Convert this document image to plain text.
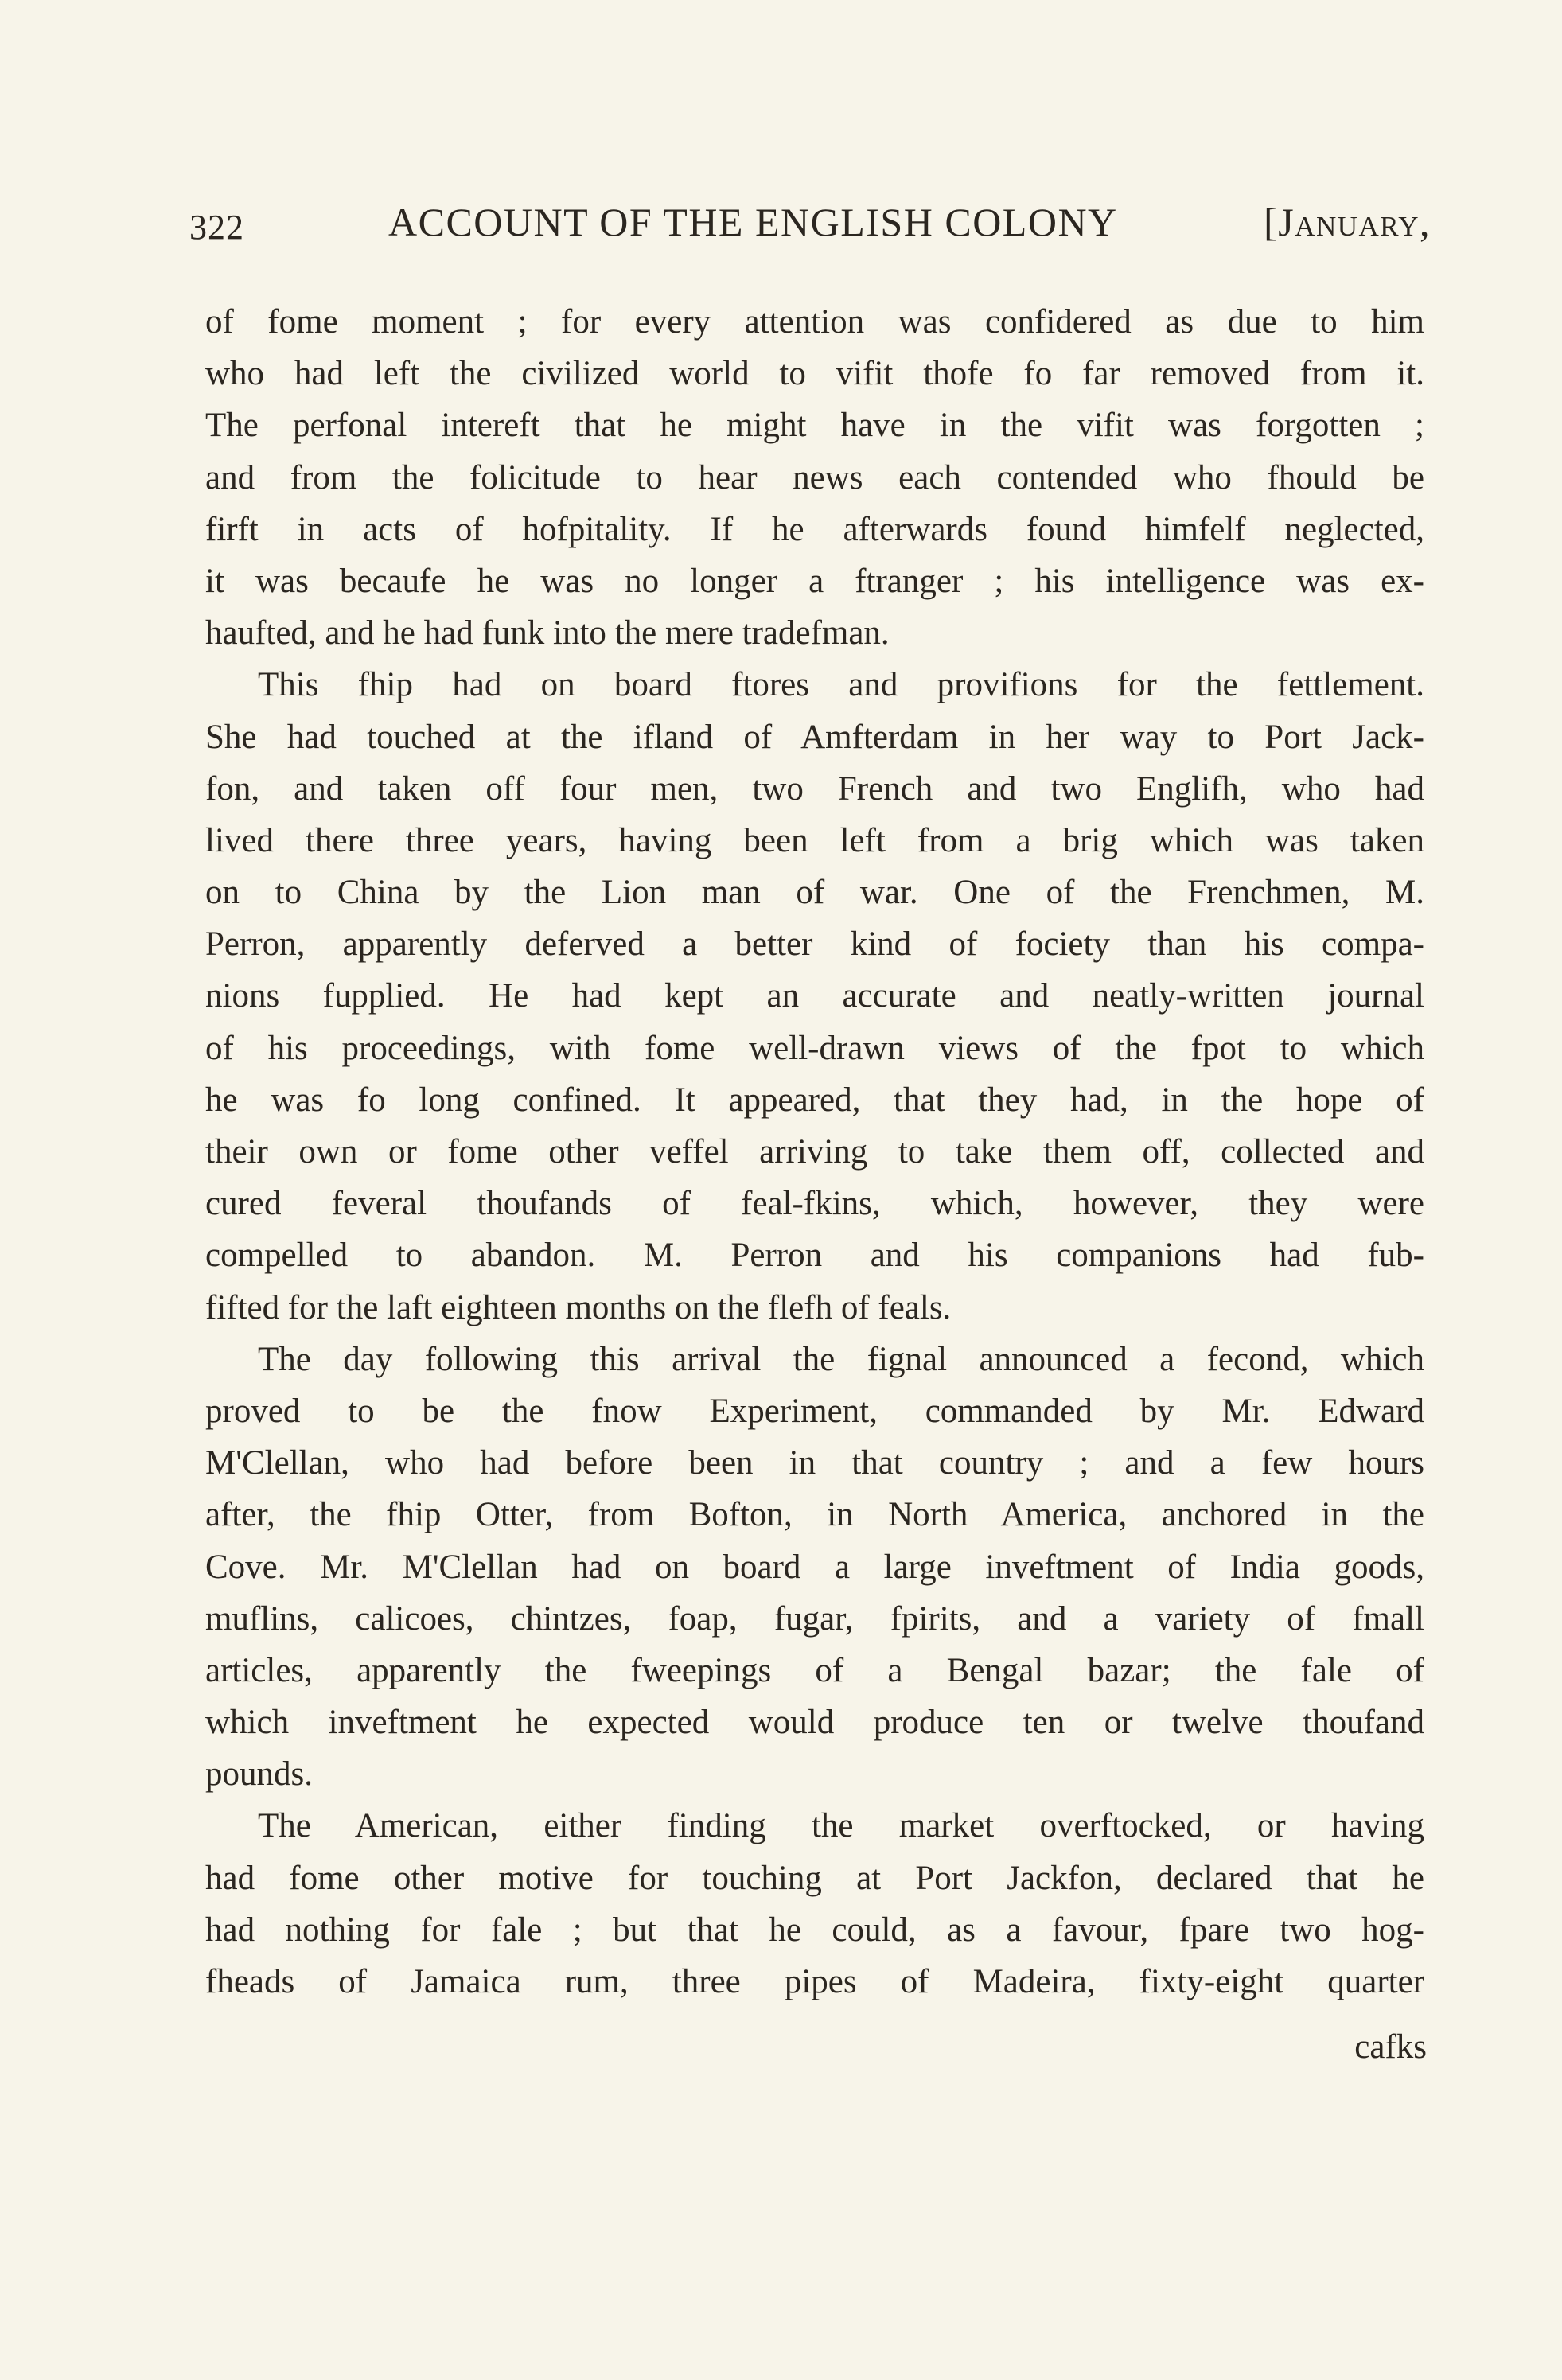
322	ACCOUNT OF THE ENGLISH COLONY	[January,
of fome moment ; for every attention was confidered as due to him
who had left the civilized world to vifit thofe fo far removed from it.
The perfonal intereft that he might have in the vifit was forgotten ;
and from the folicitude to hear news each contended who fhould be
firft in acts of hofpitality. If he afterwards found himfelf neglected,
it was becaufe he was no longer a ftranger ; his intelligence was ex-
haufted, and he had funk into the mere tradefman.
This fhip had on board ftores and provifions for the fettlement.
She had touched at the ifland of Amfterdam in her way to Port Jack-
fon, and taken off four men, two French and two Englifh, who had
lived there three years, having been left from a brig which was taken
on to China by the Lion man of war. One of the Frenchmen, M.
Perron, apparently deferved a better kind of fociety than his compa-
nions fupplied. He had kept an accurate and neatly-written journal
of his proceedings, with fome well-drawn views of the fpot to which
he was fo long confined. It appeared, that they had, in the hope of
their own or fome other veffel arriving to take them off, collected and
cured feveral thoufands of feal-fkins, which, however, they were
compelled to abandon. M. Perron and his companions had fub-
fifted for the laft eighteen months on the flefh of feals.
The day following this arrival the fignal announced a fecond, which
proved to be the fnow Experiment, commanded by Mr. Edward
M'Clellan, who had before been in that country ; and a few hours
after, the fhip Otter, from Bofton, in North America, anchored in the
Cove. Mr. M'Clellan had on board a large inveftment of India goods,
muflins, calicoes, chintzes, foap, fugar, fpirits, and a variety of fmall
articles, apparently the fweepings of a Bengal bazar; the fale of
which inveftment he expected would produce ten or twelve thoufand
pounds.
The American, either finding the market overftocked, or having
had fome other motive for touching at Port Jackfon, declared that he
had nothing for fale ; but that he could, as a favour, fpare two hog-
fheads of Jamaica rum, three pipes of Madeira, fixty-eight quarter
cafks
